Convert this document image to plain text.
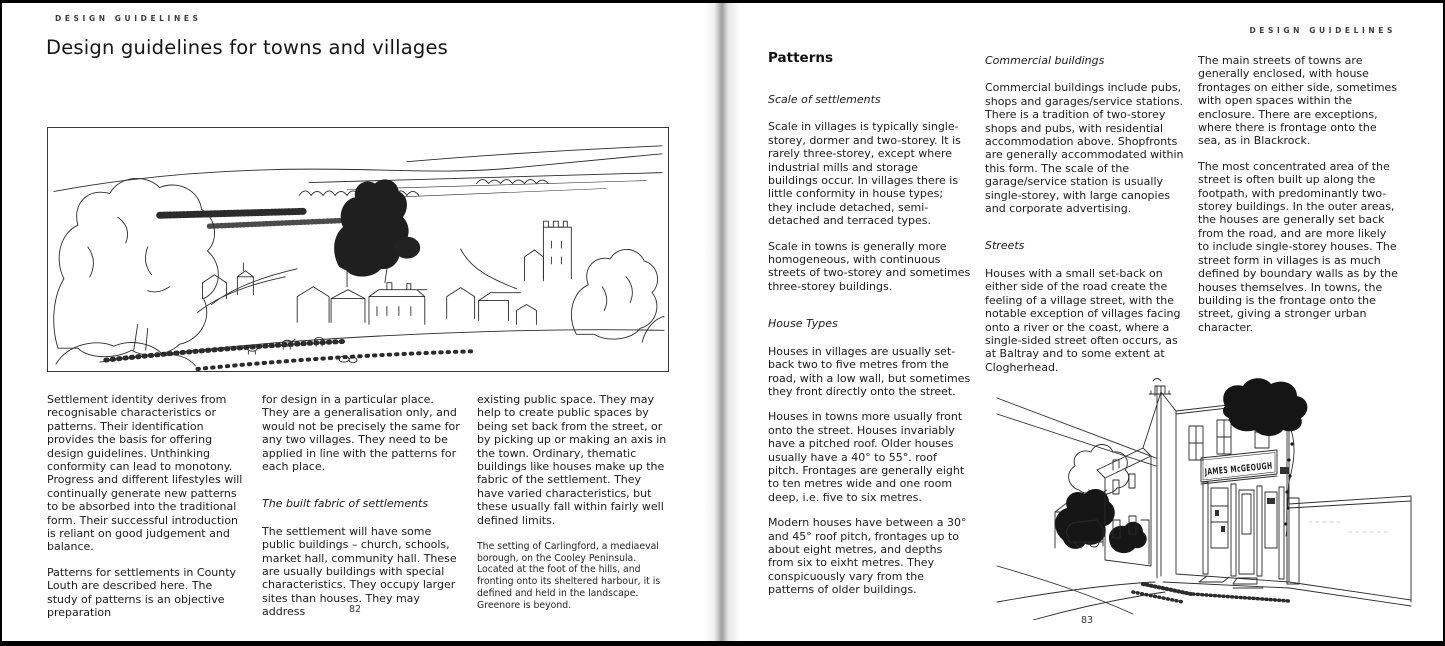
DESIGN GUIDELINES
Design guidelines for towns and villages

Settlement identity derives from recognisable characteristics or patterns. Their identification provides the basis for offering design guidelines. Unthinking conformity can lead to monotony. Progress and different lifestyles will continually generate new patterns to be absorbed into the traditional form. Their successful introduction is reliant on good judgement and balance.

Patterns for settlements in County Louth are described here. The study of patterns is an objective preparation

for design in a particular place. They are a generalisation only, and would not be precisely the same for any two villages. They need to be applied in line with the patterns for each place.

The built fabric of settlements

The settlement will have some public buildings – church, schools, market hall, community hall. These are usually buildings with special characteristics. They occupy larger sites than houses. They may address

existing public space. They may help to create public spaces by being set back from the street, or by picking up or making an axis in the town. Ordinary, thematic buildings like houses make up the fabric of the settlement. They have varied characteristics, but these usually fall within fairly well defined limits.

The setting of Carlingford, a mediaeval borough, on the Cooley Peninsula. Located at the foot of the hills, and fronting onto its sheltered harbour, it is defined and held in the landscape. Greenore is beyond.

82
DESIGN GUIDELINES
Patterns
Scale of settlements

Scale in villages is typically single-storey, dormer and two-storey. It is rarely three-storey, except where industrial mills and storage buildings occur. In villages there is little conformity in house types; they include detached, semi-detached and terraced types.

Scale in towns is generally more homogeneous, with continuous streets of two-storey and sometimes three-storey buildings.

House Types

Houses in villages are usually set-back two to five metres from the road, with a low wall, but sometimes they front directly onto the street.

Houses in towns more usually front onto the street. Houses invariably have a pitched roof. Older houses usually have a 40° to 55°. roof pitch. Frontages are generally eight to ten metres wide and one room deep, i.e. five to six metres.

Modern houses have between a 30° and 45° roof pitch, frontages up to about eight metres, and depths from six to eixht metres. They conspicuously vary from the patterns of older buildings.

Commercial buildings

Commercial buildings include pubs, shops and garages/service stations. There is a tradition of two-storey shops and pubs, with residential accommodation above. Shopfronts are generally accommodated within this form. The scale of the garage/service station is usually single-storey, with large canopies and corporate advertising.

Streets

Houses with a small set-back on either side of the road create the feeling of a village street, with the notable exception of villages facing onto a river or the coast, where a single-sided street often occurs, as at Baltray and to some extent at Clogherhead.

The main streets of towns are generally enclosed, with house frontages on either side, sometimes with open spaces within the enclosure. There are exceptions, where there is frontage onto the sea, as in Blackrock.

The most concentrated area of the street is often built up along the footpath, with predominantly two-storey buildings. In the outer areas, the houses are generally set back from the road, and are more likely to include single-storey houses. The street form in villages is as much defined by boundary walls as by the houses themselves. In towns, the building is the frontage onto the street, giving a stronger urban character.

JAMES McGEOUGH
83
